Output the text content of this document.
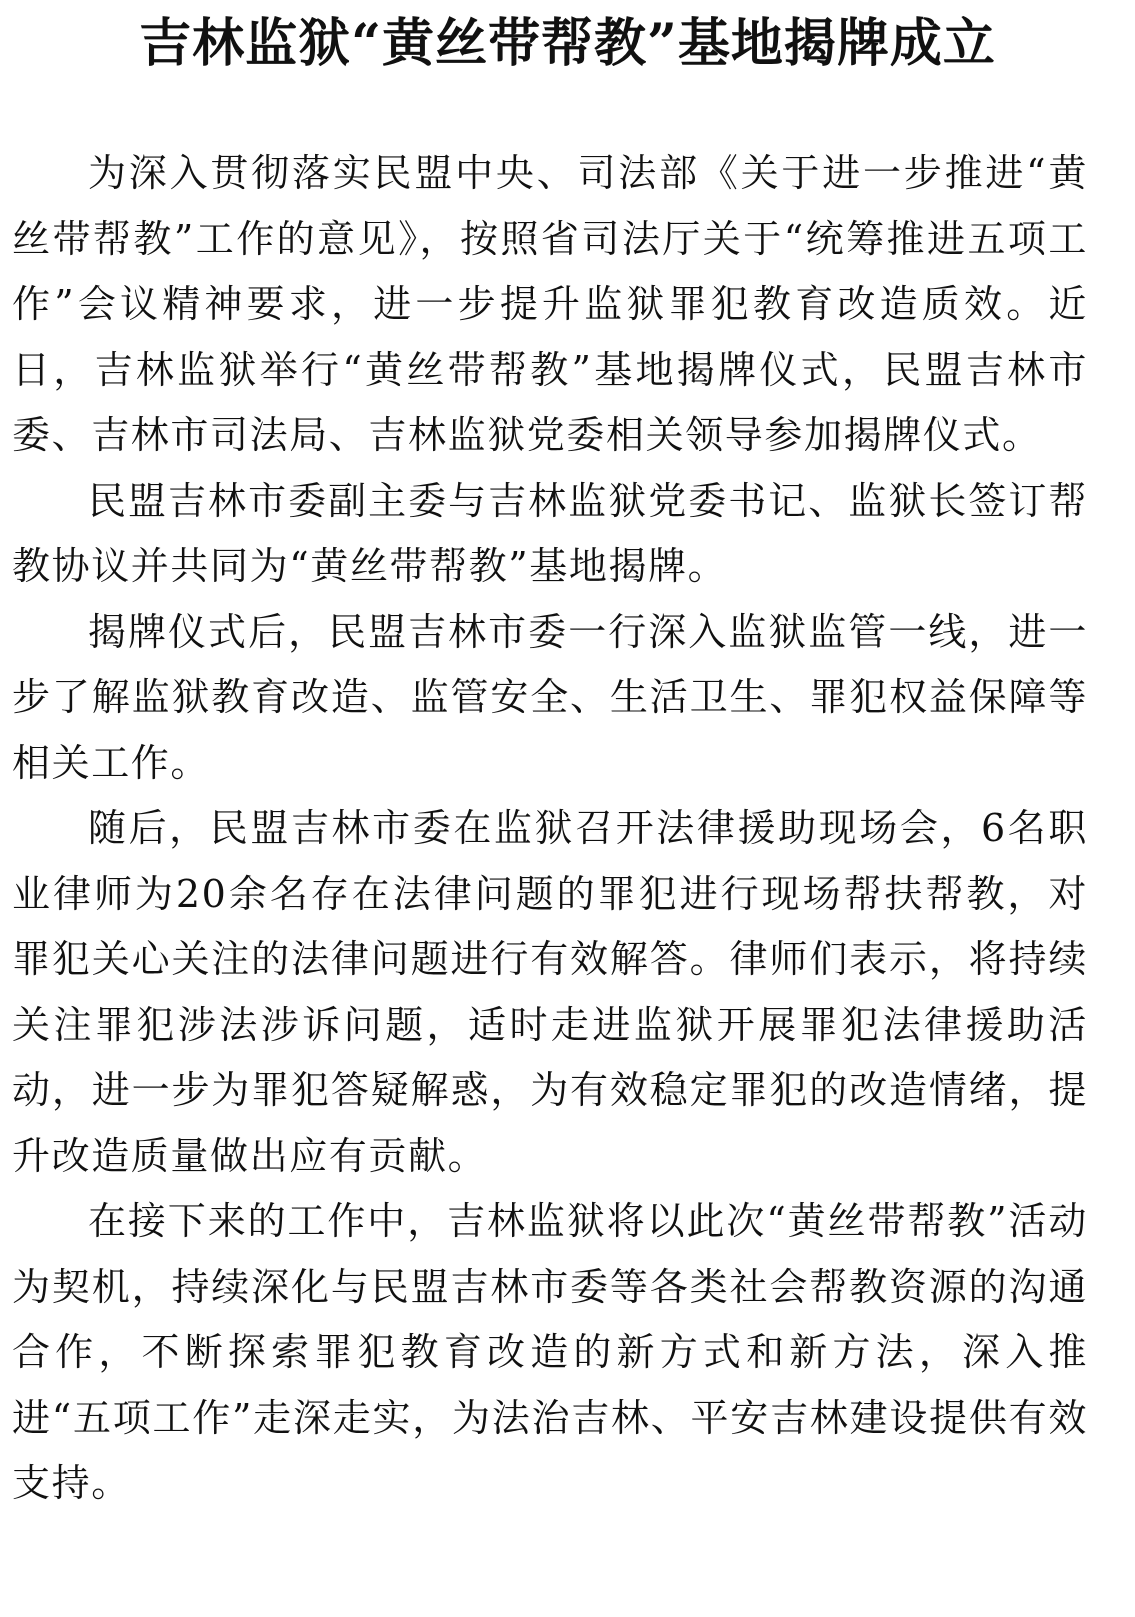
吉林监狱“黄丝带帮教”基地揭牌成立

为深入贯彻落实民盟中央、司法部《关于进一步推进“黄丝带帮教”工作的意见》，按照省司法厅关于“统筹推进五项工作”会议精神要求，进一步提升监狱罪犯教育改造质效。近日，吉林监狱举行“黄丝带帮教”基地揭牌仪式，民盟吉林市委、吉林市司法局、吉林监狱党委相关领导参加揭牌仪式。

民盟吉林市委副主委与吉林监狱党委书记、监狱长签订帮教协议并共同为“黄丝带帮教”基地揭牌。

揭牌仪式后，民盟吉林市委一行深入监狱监管一线，进一步了解监狱教育改造、监管安全、生活卫生、罪犯权益保障等相关工作。

随后，民盟吉林市委在监狱召开法律援助现场会，6名职业律师为20余名存在法律问题的罪犯进行现场帮扶帮教，对罪犯关心关注的法律问题进行有效解答。律师们表示，将持续关注罪犯涉法涉诉问题，适时走进监狱开展罪犯法律援助活动，进一步为罪犯答疑解惑，为有效稳定罪犯的改造情绪，提升改造质量做出应有贡献。

在接下来的工作中，吉林监狱将以此次“黄丝带帮教”活动为契机，持续深化与民盟吉林市委等各类社会帮教资源的沟通合作，不断探索罪犯教育改造的新方式和新方法，深入推进“五项工作”走深走实，为法治吉林、平安吉林建设提供有效支持。
